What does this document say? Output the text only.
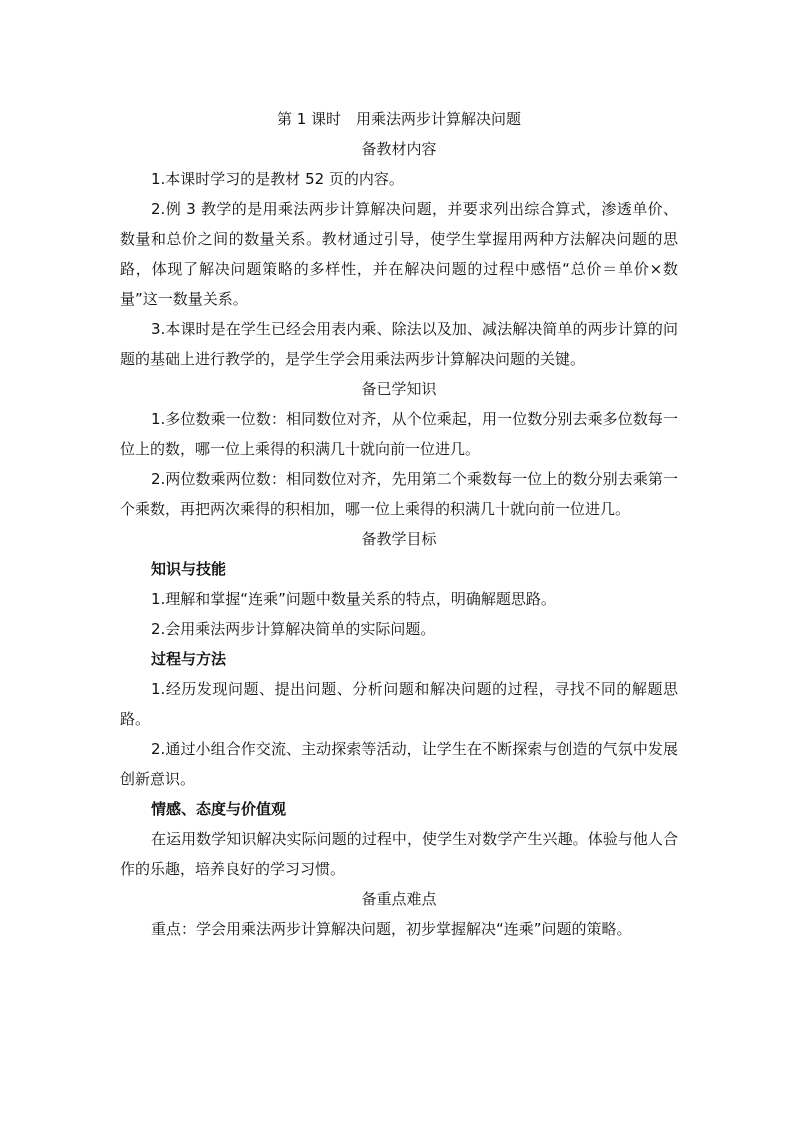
第 1 课时　用乘法两步计算解决问题
备教材内容

1.本课时学习的是教材 52 页的内容。

2.例 3 教学的是用乘法两步计算解决问题，并要求列出综合算式，渗透单价、数量和总价之间的数量关系。教材通过引导，使学生掌握用两种方法解决问题的思路，体现了解决问题策略的多样性，并在解决问题的过程中感悟“总价＝单价×数量”这一数量关系。

3.本课时是在学生已经会用表内乘、除法以及加、减法解决简单的两步计算的问题的基础上进行教学的，是学生学会用乘法两步计算解决问题的关键。

备已学知识

1.多位数乘一位数：相同数位对齐，从个位乘起，用一位数分别去乘多位数每一位上的数，哪一位上乘得的积满几十就向前一位进几。

2.两位数乘两位数：相同数位对齐，先用第二个乘数每一位上的数分别去乘第一个乘数，再把两次乘得的积相加，哪一位上乘得的积满几十就向前一位进几。

备教学目标

知识与技能

1.理解和掌握“连乘”问题中数量关系的特点，明确解题思路。

2.会用乘法两步计算解决简单的实际问题。

过程与方法

1.经历发现问题、提出问题、分析问题和解决问题的过程，寻找不同的解题思路。

2.通过小组合作交流、主动探索等活动，让学生在不断探索与创造的气氛中发展创新意识。

情感、态度与价值观

在运用数学知识解决实际问题的过程中，使学生对数学产生兴趣。体验与他人合作的乐趣，培养良好的学习习惯。

备重点难点

重点：学会用乘法两步计算解决问题，初步掌握解决“连乘”问题的策略。
